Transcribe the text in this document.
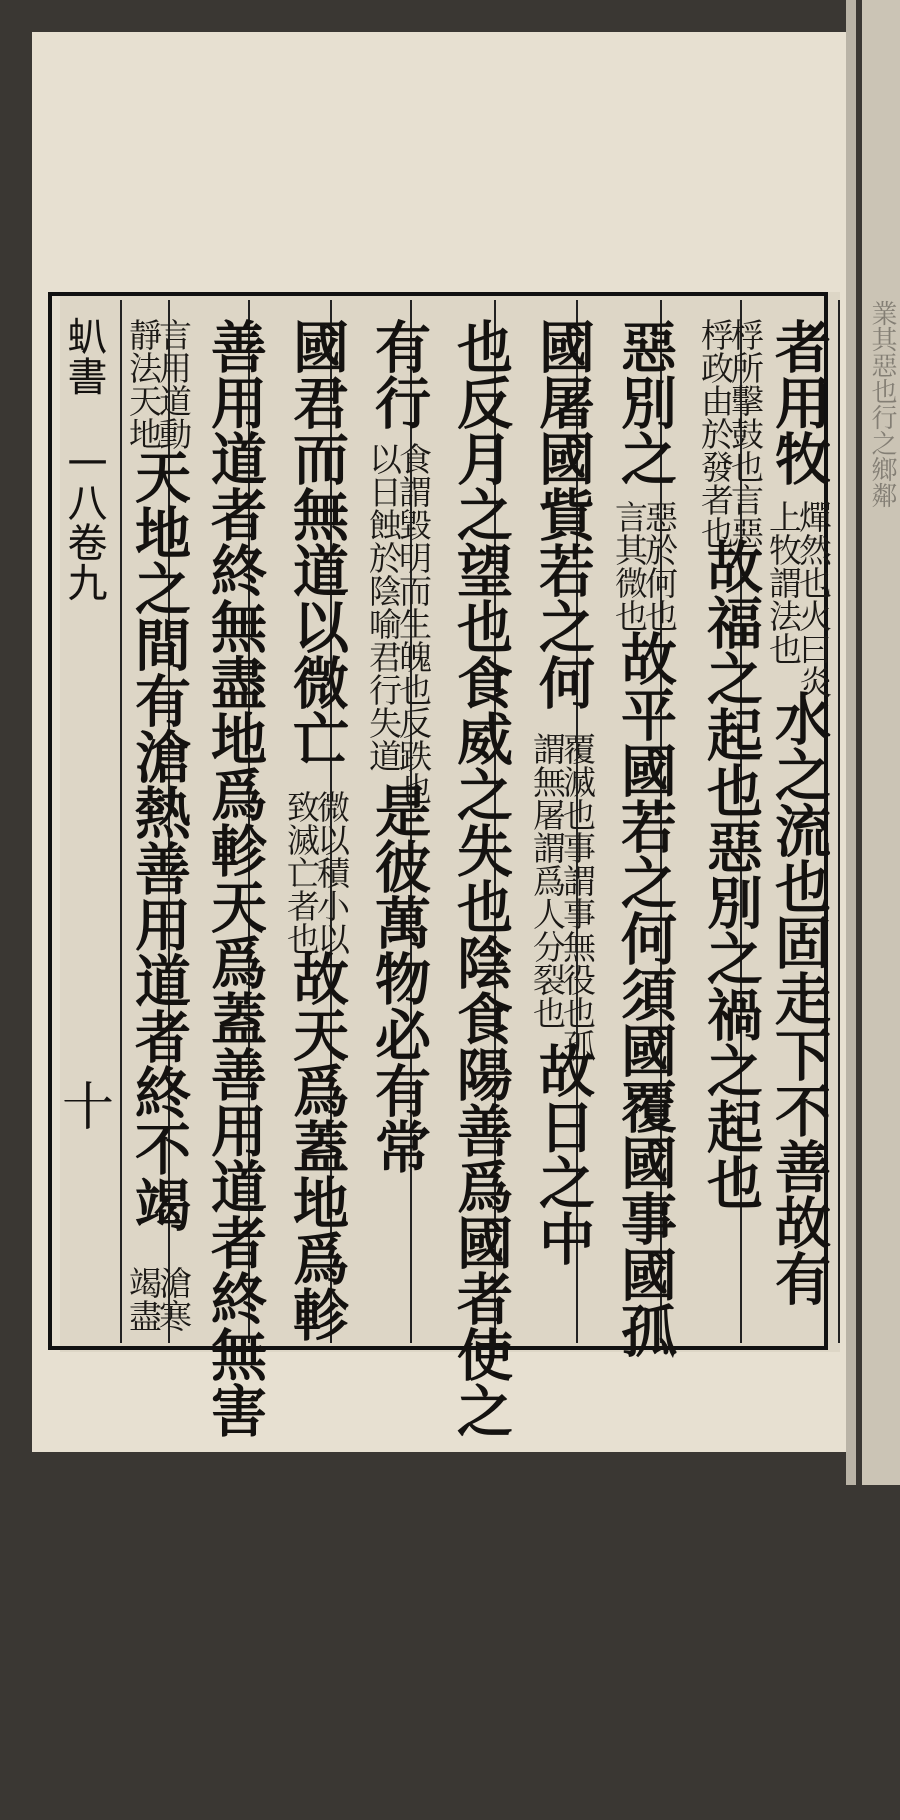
業其惡也行之鄉鄰
𧈢書 一八卷九
十
者用牧
燀然也火曰炎
上牧謂法也
水之流也固走下不善故有
桴所擊鼓也言惡
桴政由於發者也
故福之起也惡別之禍之起也
惡別之
惡於何也
言其微也
故平國若之何須國覆國事國孤
國屠國貲若之何
覆滅也事謂事無役也孤
謂無屠謂爲人分裂也
故日之中
也反月之望也食威之失也陰食陽善爲國者使之
有行
食謂毀明而生魄也反跌也
以日蝕於陰喻君行失道
是彼萬物必有常
國君而無道以微亡
微以積小以
致滅亡者也
故天爲蓋地爲軫
善用道者終無盡地爲軫天爲蓋善用道者終無害
言用道動
靜法天地
天地之間有滄熱善用道者終不竭
滄寒
竭盡
